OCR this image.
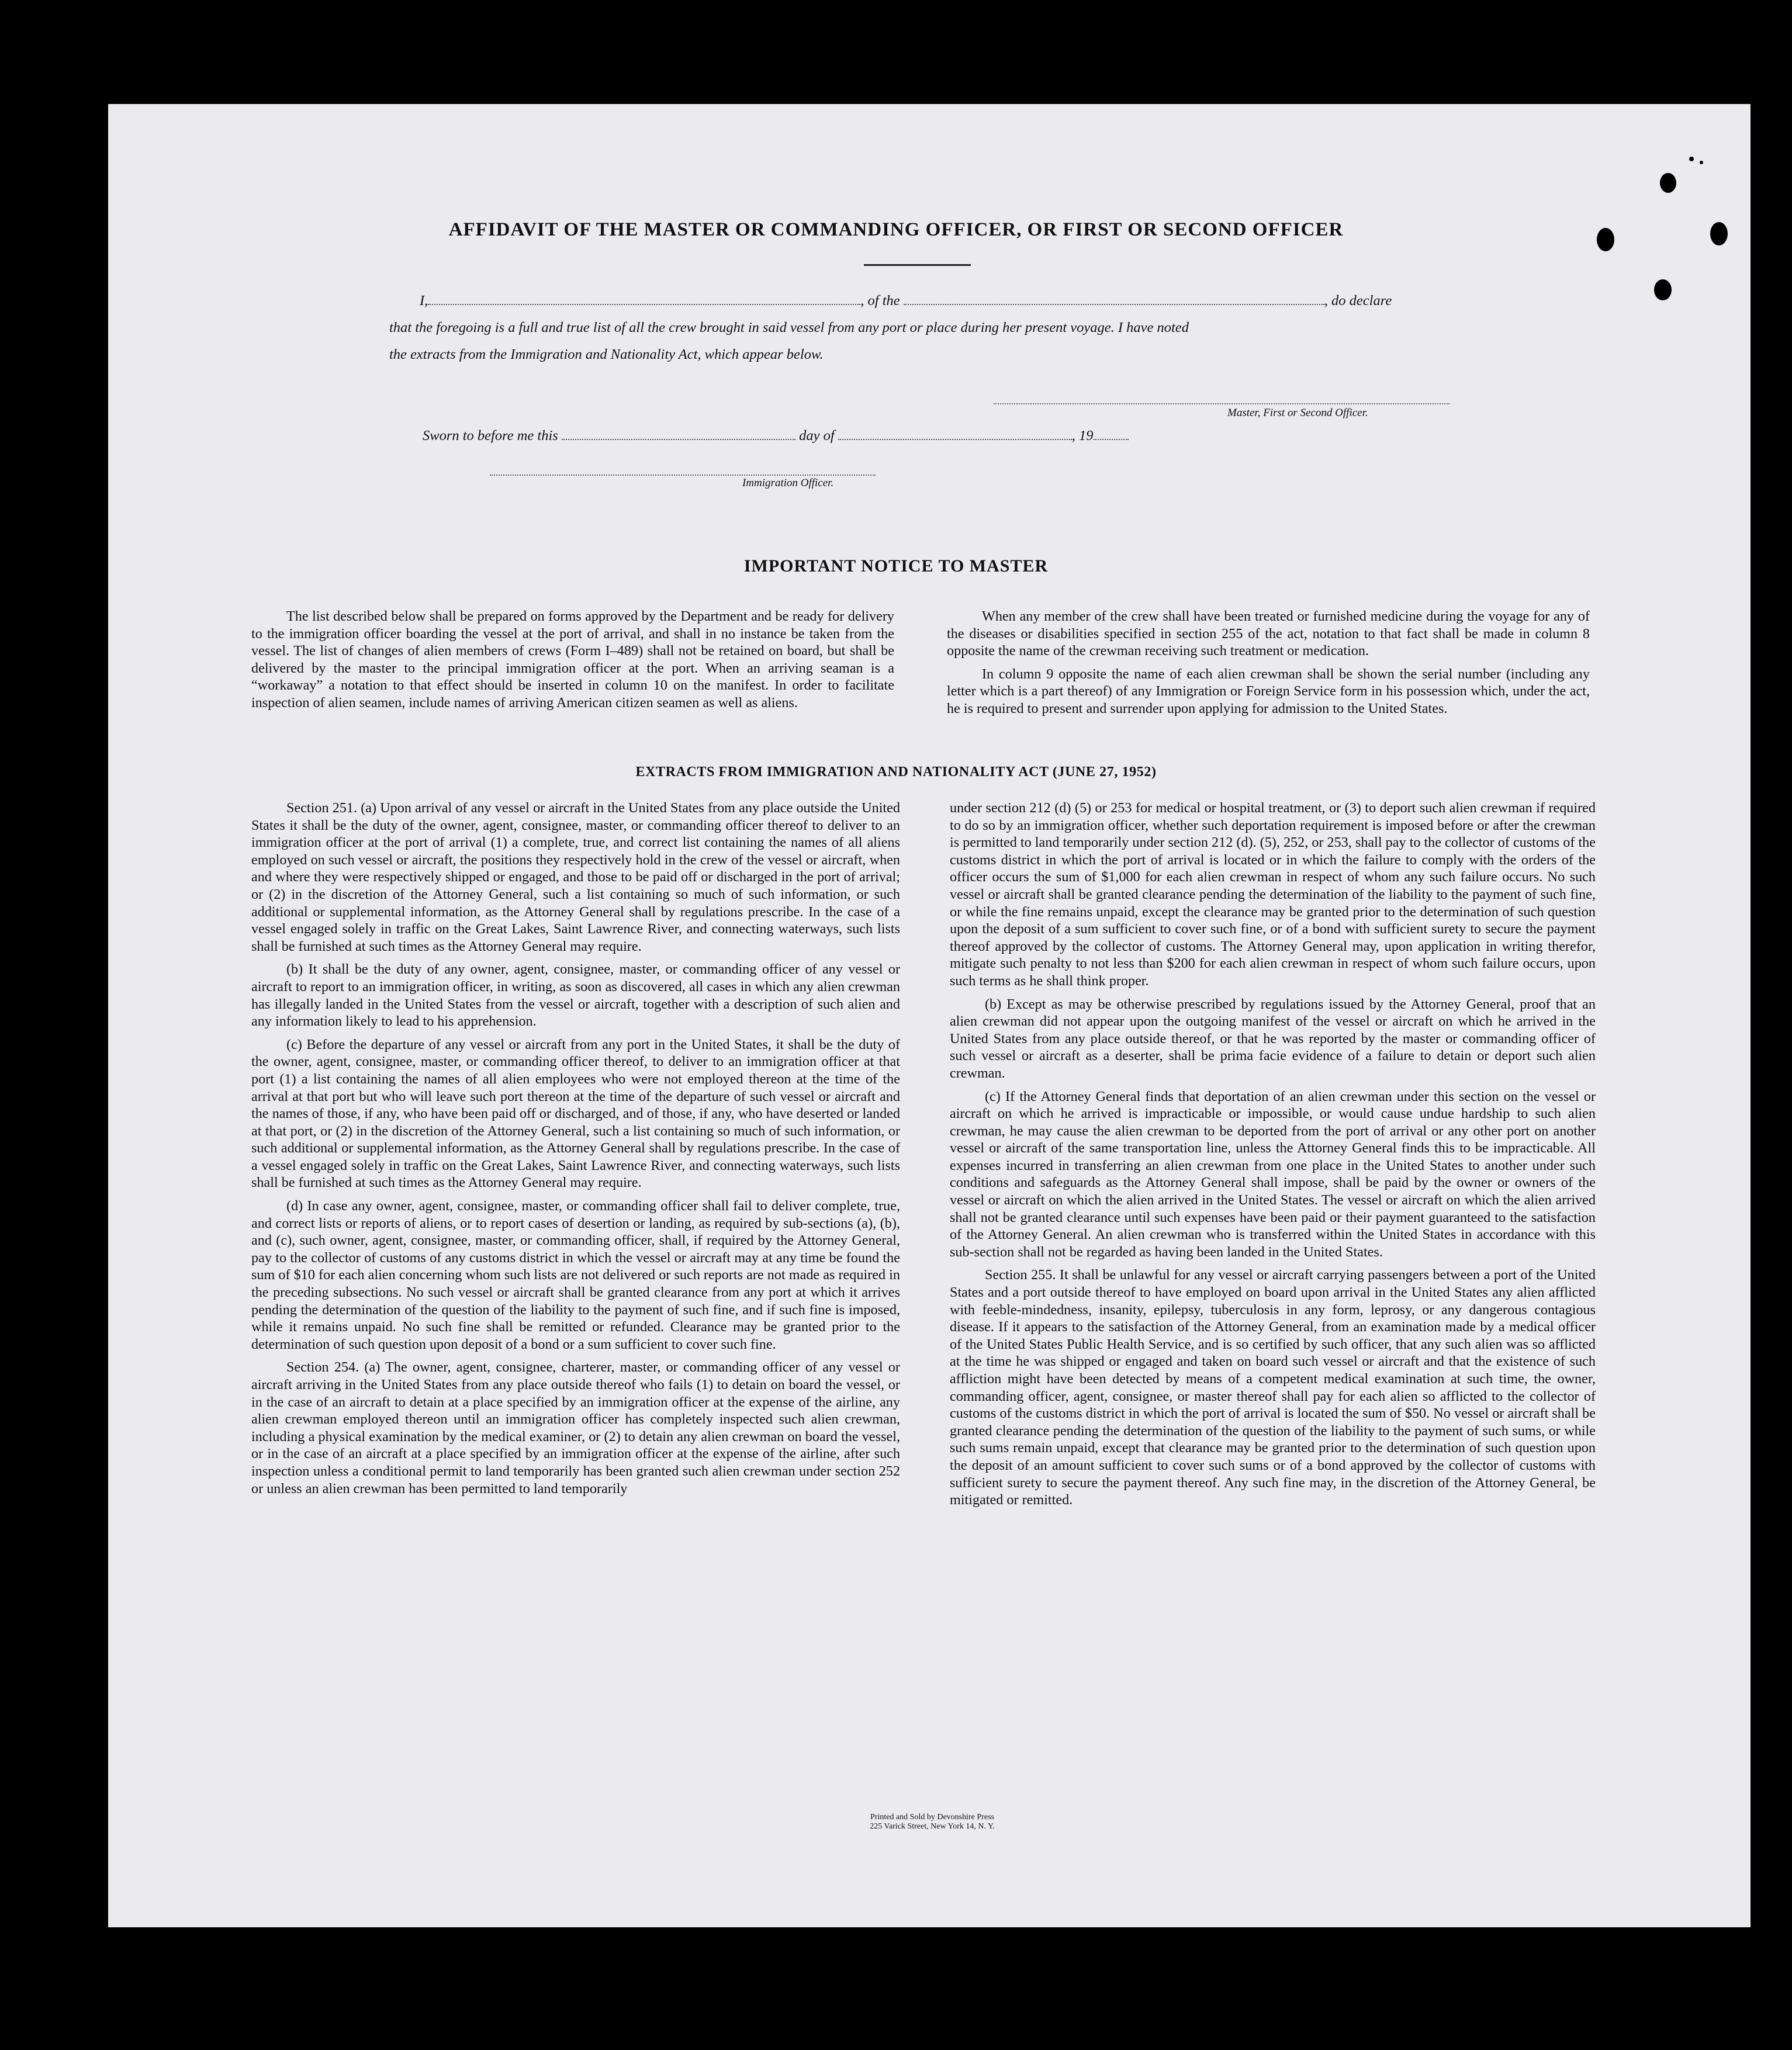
AFFIDAVIT OF THE MASTER OR COMMANDING OFFICER, OR FIRST OR SECOND OFFICER
I,	, of the	, do declare
that the foregoing is a full and true list of all the crew brought in said vessel from any port or place during her present voyage. I have noted
the extracts from the Immigration and Nationality Act, which appear below.
Master, First or Second Officer.
Sworn to before me this	day of	, 19
Immigration Officer.
IMPORTANT NOTICE TO MASTER

The list described below shall be prepared on forms approved by the Department and be ready for delivery to the immigration officer boarding the vessel at the port of arrival, and shall in no instance be taken from the vessel. The list of changes of alien members of crews (Form I–489) shall not be retained on board, but shall be delivered by the master to the principal immigration officer at the port. When an arriving seaman is a “workaway” a notation to that effect should be inserted in column 10 on the manifest. In order to facilitate inspection of alien seamen, include names of arriving American citizen seamen as well as aliens.

When any member of the crew shall have been treated or furnished medicine during the voyage for any of the diseases or disabilities specified in section 255 of the act, notation to that fact shall be made in column 8 opposite the name of the crewman receiving such treatment or medication.

In column 9 opposite the name of each alien crewman shall be shown the serial number (including any letter which is a part thereof) of any Immigration or Foreign Service form in his possession which, under the act, he is required to present and surrender upon applying for admission to the United States.

EXTRACTS FROM IMMIGRATION AND NATIONALITY ACT (JUNE 27, 1952)

Section 251. (a) Upon arrival of any vessel or aircraft in the United States from any place outside the United States it shall be the duty of the owner, agent, consignee, master, or commanding officer thereof to deliver to an immigration officer at the port of arrival (1) a complete, true, and correct list containing the names of all aliens employed on such vessel or aircraft, the positions they respectively hold in the crew of the vessel or aircraft, when and where they were respectively shipped or engaged, and those to be paid off or discharged in the port of arrival; or (2) in the discretion of the Attorney General, such a list containing so much of such information, or such additional or supplemental information, as the Attorney General shall by regulations prescribe. In the case of a vessel engaged solely in traffic on the Great Lakes, Saint Lawrence River, and connecting waterways, such lists shall be furnished at such times as the Attorney General may require.

(b) It shall be the duty of any owner, agent, consignee, master, or commanding officer of any vessel or aircraft to report to an immigration officer, in writing, as soon as discovered, all cases in which any alien crewman has illegally landed in the United States from the vessel or aircraft, together with a description of such alien and any information likely to lead to his apprehension.

(c) Before the departure of any vessel or aircraft from any port in the United States, it shall be the duty of the owner, agent, consignee, master, or commanding officer thereof, to deliver to an immigration officer at that port (1) a list containing the names of all alien employees who were not employed thereon at the time of the arrival at that port but who will leave such port thereon at the time of the departure of such vessel or aircraft and the names of those, if any, who have been paid off or discharged, and of those, if any, who have deserted or landed at that port, or (2) in the discretion of the Attorney General, such a list containing so much of such information, or such additional or supplemental information, as the Attorney General shall by regulations prescribe. In the case of a vessel engaged solely in traffic on the Great Lakes, Saint Lawrence River, and connecting waterways, such lists shall be furnished at such times as the Attorney General may require.

(d) In case any owner, agent, consignee, master, or commanding officer shall fail to deliver complete, true, and correct lists or reports of aliens, or to report cases of desertion or landing, as required by sub-sections (a), (b), and (c), such owner, agent, consignee, master, or commanding officer, shall, if required by the Attorney General, pay to the collector of customs of any customs district in which the vessel or aircraft may at any time be found the sum of $10 for each alien concerning whom such lists are not delivered or such reports are not made as required in the preceding subsections. No such vessel or aircraft shall be granted clearance from any port at which it arrives pending the determination of the question of the liability to the payment of such fine, and if such fine is imposed, while it remains unpaid. No such fine shall be remitted or refunded. Clearance may be granted prior to the determination of such question upon deposit of a bond or a sum sufficient to cover such fine.

Section 254. (a) The owner, agent, consignee, charterer, master, or commanding officer of any vessel or aircraft arriving in the United States from any place outside thereof who fails (1) to detain on board the vessel, or in the case of an aircraft to detain at a place specified by an immigration officer at the expense of the airline, any alien crewman employed thereon until an immigration officer has completely inspected such alien crewman, including a physical examination by the medical examiner, or (2) to detain any alien crewman on board the vessel, or in the case of an aircraft at a place specified by an immigration officer at the expense of the airline, after such inspection unless a conditional permit to land temporarily has been granted such alien crewman under section 252 or unless an alien crewman has been permitted to land temporarily

under section 212 (d) (5) or 253 for medical or hospital treatment, or (3) to deport such alien crewman if required to do so by an immigration officer, whether such deportation requirement is imposed before or after the crewman is permitted to land temporarily under section 212 (d). (5), 252, or 253, shall pay to the collector of customs of the customs district in which the port of arrival is located or in which the failure to comply with the orders of the officer occurs the sum of $1,000 for each alien crewman in respect of whom any such failure occurs. No such vessel or aircraft shall be granted clearance pending the determination of the liability to the payment of such fine, or while the fine remains unpaid, except the clearance may be granted prior to the determination of such question upon the deposit of a sum sufficient to cover such fine, or of a bond with sufficient surety to secure the payment thereof approved by the collector of customs. The Attorney General may, upon application in writing therefor, mitigate such penalty to not less than $200 for each alien crewman in respect of whom such failure occurs, upon such terms as he shall think proper.

(b) Except as may be otherwise prescribed by regulations issued by the Attorney General, proof that an alien crewman did not appear upon the outgoing manifest of the vessel or aircraft on which he arrived in the United States from any place outside thereof, or that he was reported by the master or commanding officer of such vessel or aircraft as a deserter, shall be prima facie evidence of a failure to detain or deport such alien crewman.

(c) If the Attorney General finds that deportation of an alien crewman under this section on the vessel or aircraft on which he arrived is impracticable or impossible, or would cause undue hardship to such alien crewman, he may cause the alien crewman to be deported from the port of arrival or any other port on another vessel or aircraft of the same transportation line, unless the Attorney General finds this to be impracticable. All expenses incurred in transferring an alien crewman from one place in the United States to another under such conditions and safeguards as the Attorney General shall impose, shall be paid by the owner or owners of the vessel or aircraft on which the alien arrived in the United States. The vessel or aircraft on which the alien arrived shall not be granted clearance until such expenses have been paid or their payment guaranteed to the satisfaction of the Attorney General. An alien crewman who is transferred within the United States in accordance with this sub-section shall not be regarded as having been landed in the United States.

Section 255. It shall be unlawful for any vessel or aircraft carrying passengers between a port of the United States and a port outside thereof to have employed on board upon arrival in the United States any alien afflicted with feeble-mindedness, insanity, epilepsy, tuberculosis in any form, leprosy, or any dangerous contagious disease. If it appears to the satisfaction of the Attorney General, from an examination made by a medical officer of the United States Public Health Service, and is so certified by such officer, that any such alien was so afflicted at the time he was shipped or engaged and taken on board such vessel or aircraft and that the existence of such affliction might have been detected by means of a competent medical examination at such time, the owner, commanding officer, agent, consignee, or master thereof shall pay for each alien so afflicted to the collector of customs of the customs district in which the port of arrival is located the sum of $50. No vessel or aircraft shall be granted clearance pending the determination of the question of the liability to the payment of such sums, or while such sums remain unpaid, except that clearance may be granted prior to the determination of such question upon the deposit of an amount sufficient to cover such sums or of a bond approved by the collector of customs with sufficient surety to secure the payment thereof. Any such fine may, in the discretion of the Attorney General, be mitigated or remitted.

Printed and Sold by Devonshire Press
225 Varick Street, New York 14, N. Y.
